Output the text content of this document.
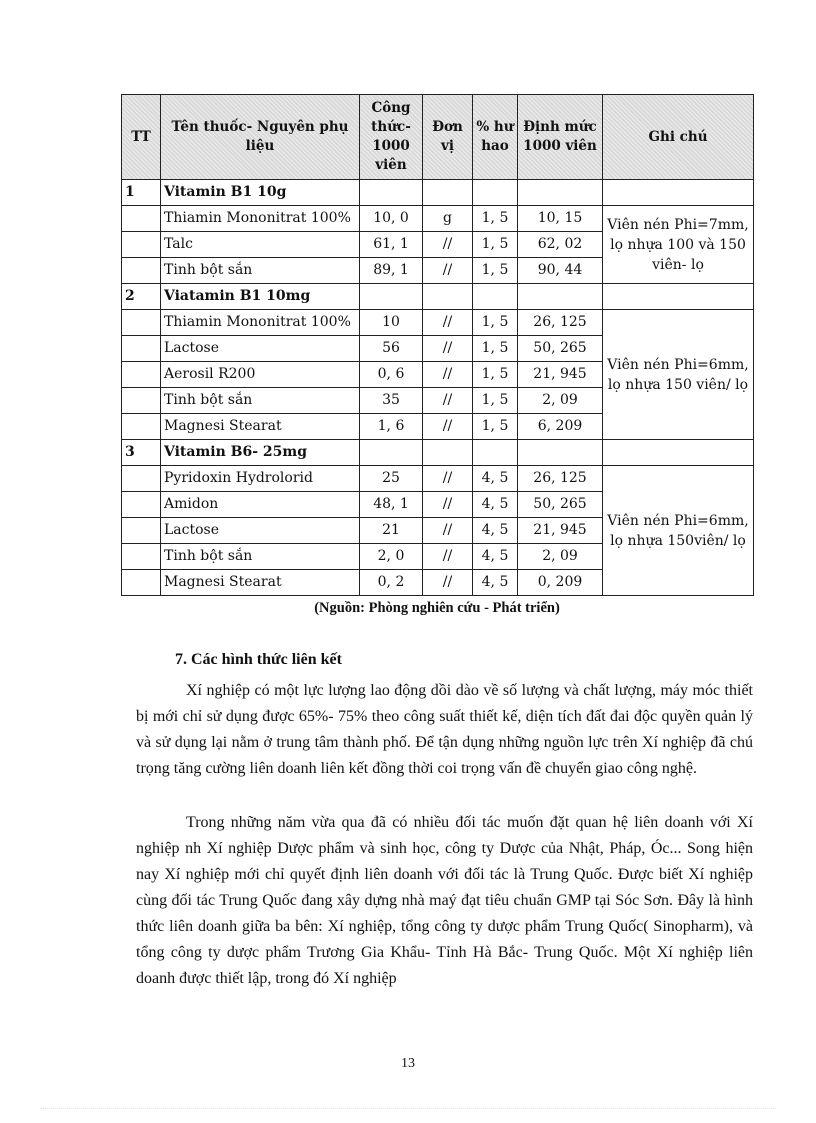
TT	Tên thuốc- Nguyên phụ liệu	Công thức- 1000 viên	Đơn vị	% hư hao	Định mức 1000 viên	Ghi chú
1	Vitamin B1 10g					
	Thiamin Mononitrat 100%	10, 0	g	1, 5	10, 15	Viên nén Phi=7mm, lọ nhựa 100 và 150 viên- lọ
	Talc	61, 1	//	1, 5	62, 02	
	Tinh bột sắn	89, 1	//	1, 5	90, 44	
2	Viatamin B1 10mg					
	Thiamin Mononitrat 100%	10	//	1, 5	26, 125	Viên nén Phi=6mm, lọ nhựa 150 viên/ lọ
	Lactose	56	//	1, 5	50, 265	
	Aerosil R200	0, 6	//	1, 5	21, 945	
	Tinh bột sắn	35	//	1, 5	2, 09	
	Magnesi Stearat	1, 6	//	1, 5	6, 209	
3	Vitamin B6- 25mg					
	Pyridoxin Hydrolorid	25	//	4, 5	26, 125	Viên nén Phi=6mm, lọ nhựa 150viên/ lọ
	Amidon	48, 1	//	4, 5	50, 265	
	Lactose	21	//	4, 5	21, 945	
	Tinh bột sắn	2, 0	//	4, 5	2, 09	
	Magnesi Stearat	0, 2	//	4, 5	0, 209	
(Nguồn: Phòng nghiên cứu - Phát triển)
7. Các hình thức liên kết

Xí nghiệp có một lực lượng lao động dồi dào về số lượng và chất lượng, máy móc thiết bị mới chỉ sử dụng được 65%- 75% theo công suất thiết kế, diện tích đất đai độc quyền quản lý và sử dụng lại nằm ở trung tâm thành phố. Để tận dụng những nguồn lực trên Xí nghiệp đã chú trọng tăng cường liên doanh liên kết đồng thời coi trọng vấn đề chuyển giao công nghệ.

Trong những năm vừa qua đã có nhiều đối tác muốn đặt quan hệ liên doanh với Xí nghiệp nh Xí nghiệp Dược phẩm và sinh học, công ty Dược của Nhật, Pháp, Óc... Song hiện nay Xí nghiệp mới chỉ quyết định liên doanh với đối tác là Trung Quốc. Được biết Xí nghiệp cùng đối tác Trung Quốc đang xây dựng nhà maý đạt tiêu chuẩn GMP tại Sóc Sơn. Đây là hình thức liên doanh giữa ba bên: Xí nghiệp, tổng công ty dược phẩm Trung Quốc( Sinopharm), và tổng công ty dược phẩm Trương Gia Khẩu- Tỉnh Hà Bắc- Trung Quốc. Một Xí nghiệp liên doanh được thiết lập, trong đó Xí nghiệp

13
